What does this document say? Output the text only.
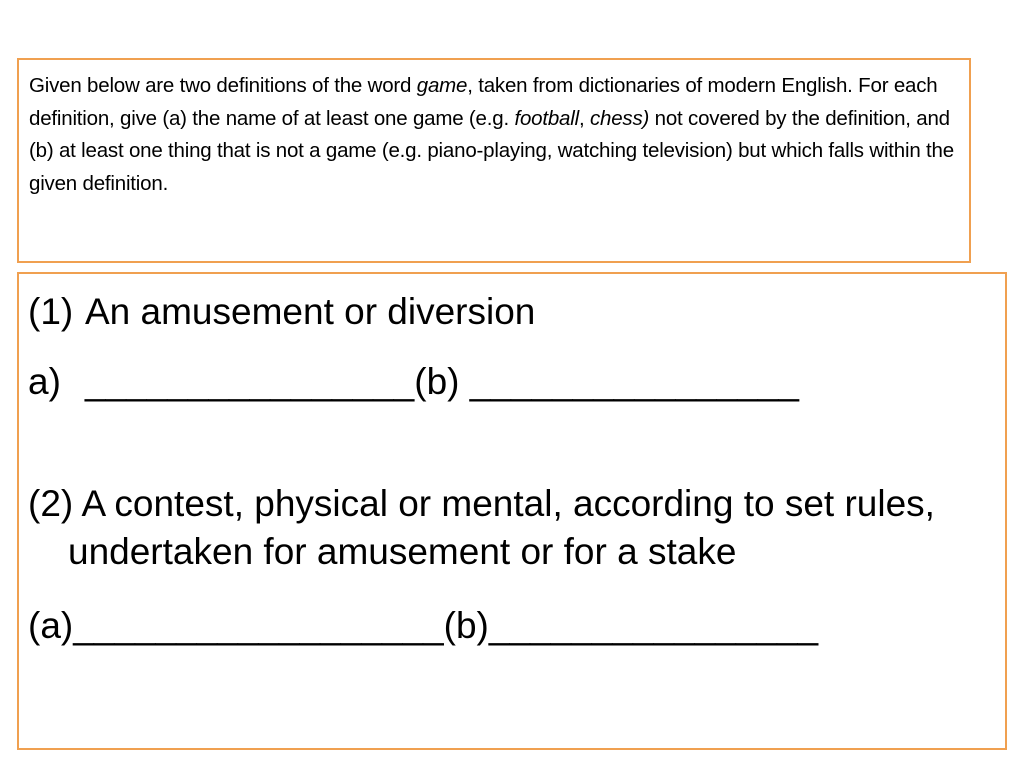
Given below are two definitions of the word game, taken from dictionaries of modern English. For each definition, give (a) the name of at least one game (e.g. football, chess) not covered by the definition, and (b) at least one thing that is not a game (e.g. piano-playing, watching television) but which falls within the given definition.

(1) An amusement or diversion
a) ________________(b) ________________
(2) A contest, physical or mental, according to set rules, undertaken for amusement or for a stake
(a)__________________(b)________________
